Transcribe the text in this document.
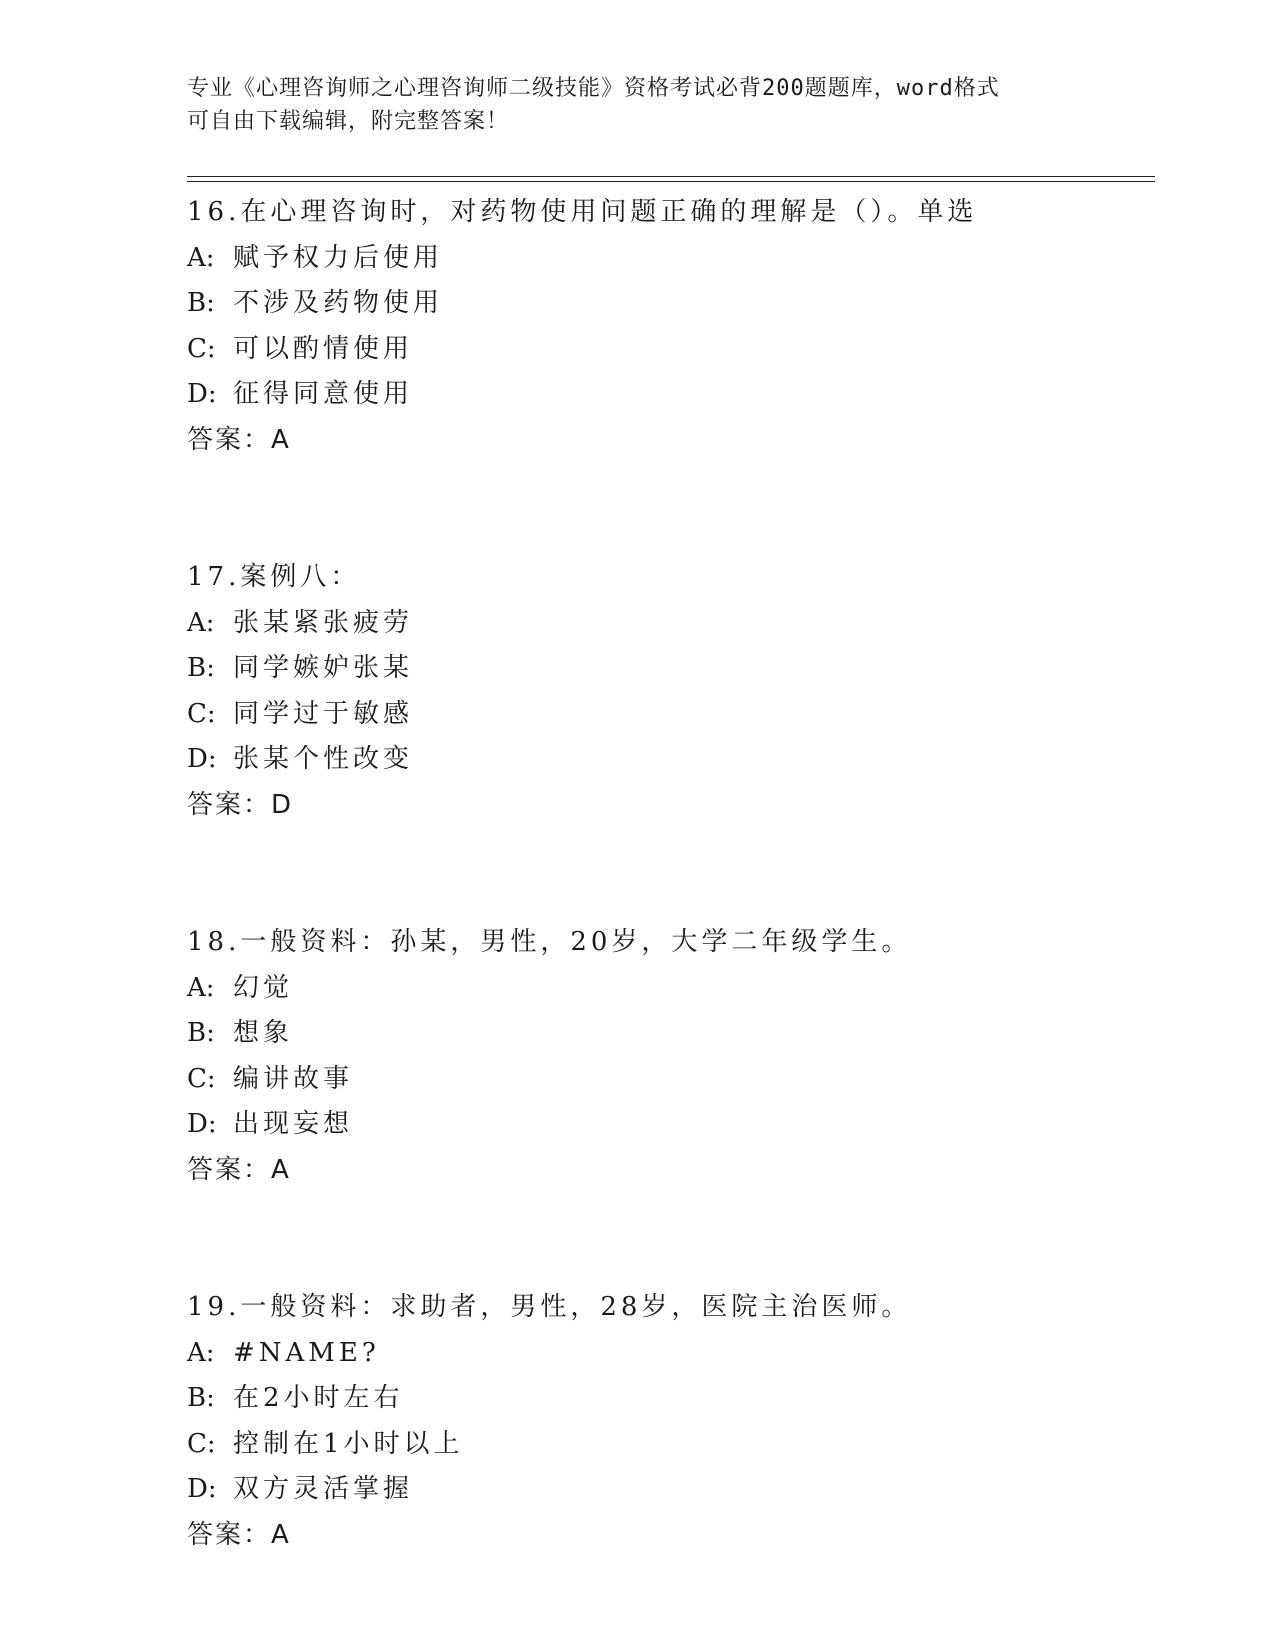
专业《心理咨询师之心理咨询师二级技能》资格考试必背200题题库，word格式
可自由下载编辑，附完整答案！
16.在心理咨询时，对药物使用问题正确的理解是（）。单选
A: 赋予权力后使用
B: 不涉及药物使用
C: 可以酌情使用
D: 征得同意使用
答案：A
17.案例八：
A: 张某紧张疲劳
B: 同学嫉妒张某
C: 同学过于敏感
D: 张某个性改变
答案：D
18.一般资料：孙某，男性，20岁，大学二年级学生。
A: 幻觉
B: 想象
C: 编讲故事
D: 出现妄想
答案：A
19.一般资料：求助者，男性，28岁，医院主治医师。
A: #NAME?
B: 在2小时左右
C: 控制在1小时以上
D: 双方灵活掌握
答案：A
